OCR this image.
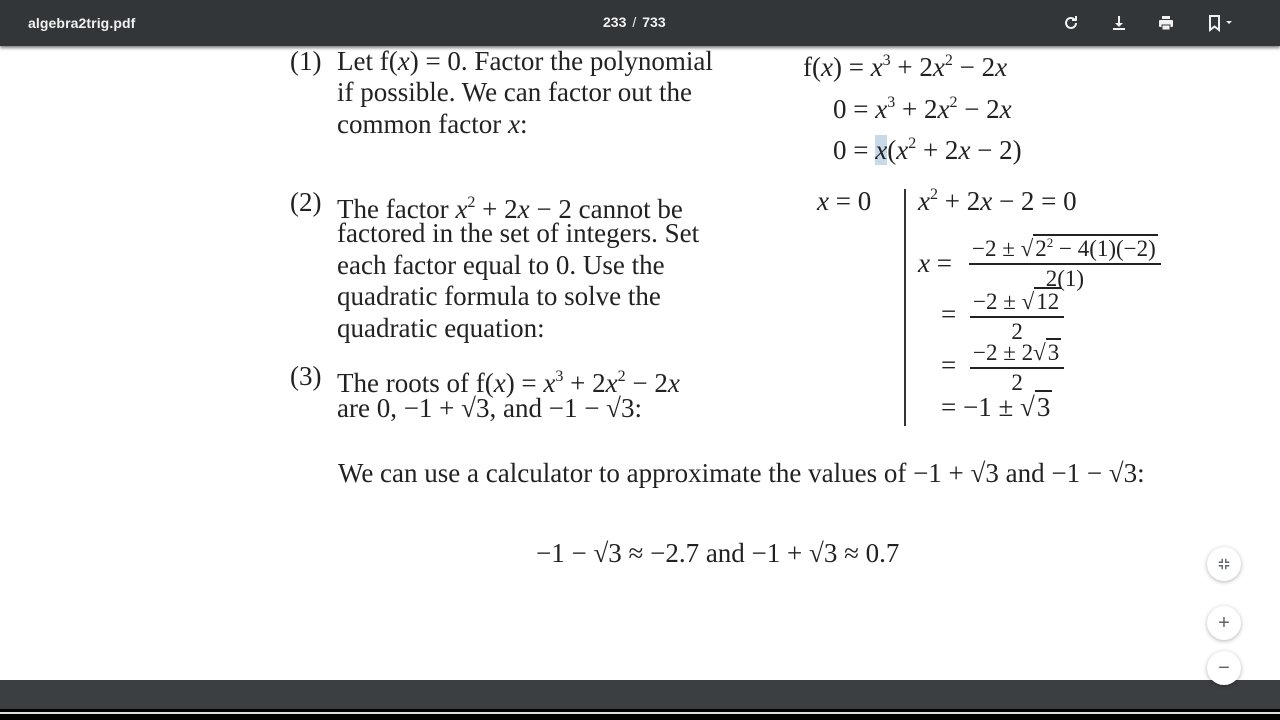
algebra2trig.pdf	233 / 733
(1) Let f(x) = 0. Factor the polynomial
if possible. We can factor out the
common factor x:
$f(x) = x^3 + 2x^2 - 2x$
$0 = x^3 + 2x^2 - 2x$
$0 = x(x^2 + 2x - 2)$
(2) The factor $x^2 + 2x - 2$ cannot be
factored in the set of integers. Set
each factor equal to 0. Use the
quadratic formula to solve the
quadratic equation:
x = 0 $x^2 + 2x - 2 = 0$
$x = \frac{-2 \pm √2^2 - 4(1)(-2)}{2(1)}$
= $\frac{-2 \pm √12}{2}$
= $\frac{-2 \pm 2√3}{2}$
= −1 ± √3
(3) The roots of $f(x) = x^3 + 2x^2 - 2x$
are 0, −1 + √3, and −1 − √3:
We can use a calculator to approximate the values of −1 + √3 and −1 − √3:
−1 − √3 ≈ −2.7 and −1 + √3 ≈ 0.7
+
−
